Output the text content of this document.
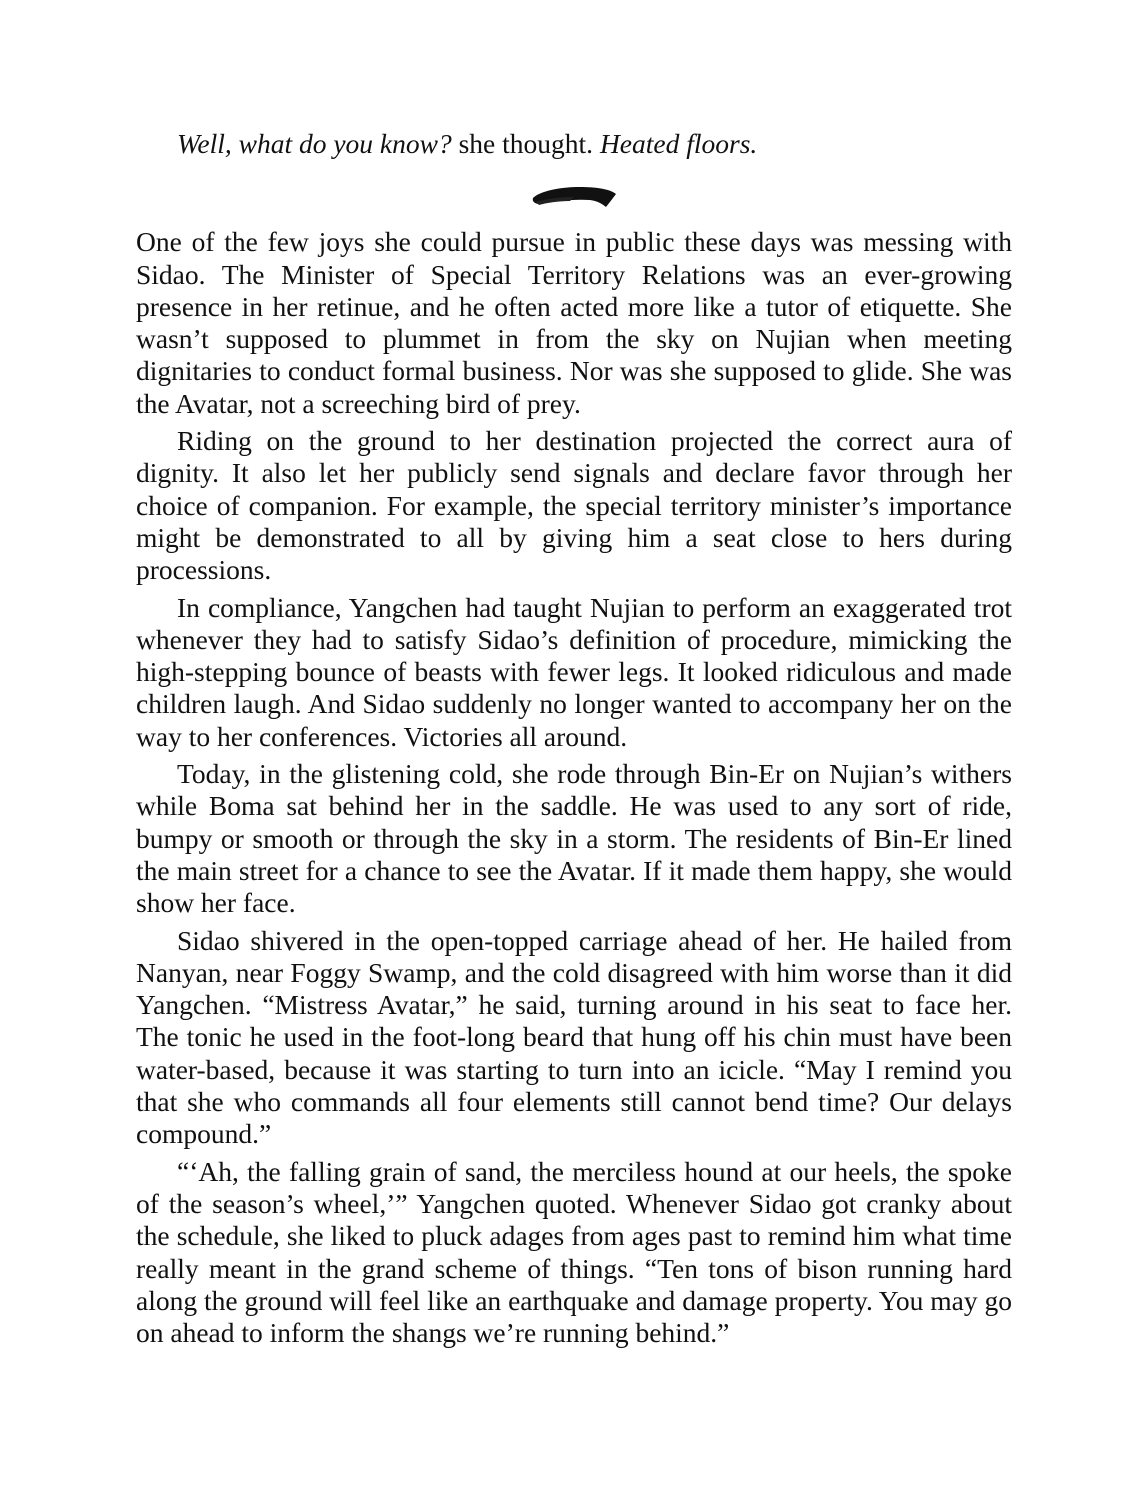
Well, what do you know? she thought. Heated floors.

One of the few joys she could pursue in public these days was messing with Sidao. The Minister of Special Territory Relations was an ever-growing presence in her retinue, and he often acted more like a tutor of etiquette. She wasn’t supposed to plummet in from the sky on Nujian when meeting dignitaries to conduct formal business. Nor was she supposed to glide. She was the Avatar, not a screeching bird of prey.

Riding on the ground to her destination projected the correct aura of dignity. It also let her publicly send signals and declare favor through her choice of companion. For example, the special territory minister’s importance might be demonstrated to all by giving him a seat close to hers during processions.

In compliance, Yangchen had taught Nujian to perform an exaggerated trot whenever they had to satisfy Sidao’s definition of procedure, mimicking the high-stepping bounce of beasts with fewer legs. It looked ridiculous and made children laugh. And Sidao suddenly no longer wanted to accompany her on the way to her conferences. Victories all around.

Today, in the glistening cold, she rode through Bin-Er on Nujian’s withers while Boma sat behind her in the saddle. He was used to any sort of ride, bumpy or smooth or through the sky in a storm. The residents of Bin-Er lined the main street for a chance to see the Avatar. If it made them happy, she would show her face.

Sidao shivered in the open-topped carriage ahead of her. He hailed from Nanyan, near Foggy Swamp, and the cold disagreed with him worse than it did Yangchen. “Mistress Avatar,” he said, turning around in his seat to face her. The tonic he used in the foot-long beard that hung off his chin must have been water-based, because it was starting to turn into an icicle. “May I remind you that she who commands all four elements still cannot bend time? Our delays compound.”

“‘Ah, the falling grain of sand, the merciless hound at our heels, the spoke of the season’s wheel,’” Yangchen quoted. Whenever Sidao got cranky about the schedule, she liked to pluck adages from ages past to remind him what time really meant in the grand scheme of things. “Ten tons of bison running hard along the ground will feel like an earthquake and damage property. You may go on ahead to inform the shangs we’re running behind.”
